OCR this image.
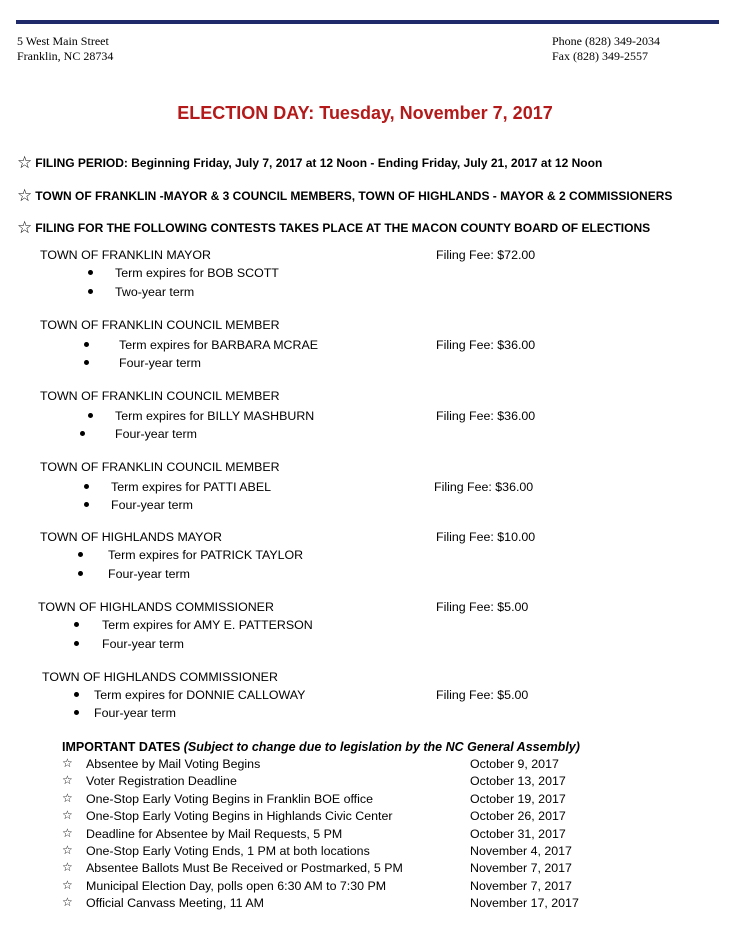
5 West Main Street
Franklin, NC 28734
Phone (828) 349-2034
Fax (828) 349-2557
ELECTION DAY: Tuesday, November 7, 2017
☆ FILING PERIOD: Beginning Friday, July 7, 2017 at 12 Noon - Ending Friday, July 21, 2017 at 12 Noon
☆ TOWN OF FRANKLIN -MAYOR & 3 COUNCIL MEMBERS, TOWN OF HIGHLANDS - MAYOR & 2 COMMISSIONERS
☆ FILING FOR THE FOLLOWING CONTESTS TAKES PLACE AT THE MACON COUNTY BOARD OF ELECTIONS
TOWN OF FRANKLIN MAYOR	Filing Fee: $72.00
Term expires for BOB SCOTT
Two-year term
TOWN OF FRANKLIN COUNCIL MEMBER
Filing Fee: $36.00
Term expires for BARBARA MCRAE
Four-year term
TOWN OF FRANKLIN COUNCIL MEMBER
Filing Fee: $36.00
Term expires for BILLY MASHBURN
Four-year term
TOWN OF FRANKLIN COUNCIL MEMBER
Filing Fee: $36.00
Term expires for PATTI ABEL
Four-year term
TOWN OF HIGHLANDS MAYOR	Filing Fee: $10.00
Term expires for PATRICK TAYLOR
Four-year term
TOWN OF HIGHLANDS COMMISSIONER	Filing Fee: $5.00
Term expires for AMY E. PATTERSON
Four-year term
TOWN OF HIGHLANDS COMMISSIONER
Filing Fee: $5.00
Term expires for DONNIE CALLOWAY
Four-year term
IMPORTANT DATES (Subject to change due to legislation by the NC General Assembly)
☆ Absentee by Mail Voting Begins	October 9, 2017
☆ Voter Registration Deadline	October 13, 2017
☆ One-Stop Early Voting Begins in Franklin BOE office	October 19, 2017
☆ One-Stop Early Voting Begins in Highlands Civic Center	October 26, 2017
☆ Deadline for Absentee by Mail Requests, 5 PM	October 31, 2017
☆ One-Stop Early Voting Ends, 1 PM at both locations	November 4, 2017
☆ Absentee Ballots Must Be Received or Postmarked, 5 PM	November 7, 2017
☆ Municipal Election Day, polls open 6:30 AM to 7:30 PM	November 7, 2017
☆ Official Canvass Meeting, 11 AM	November 17, 2017
